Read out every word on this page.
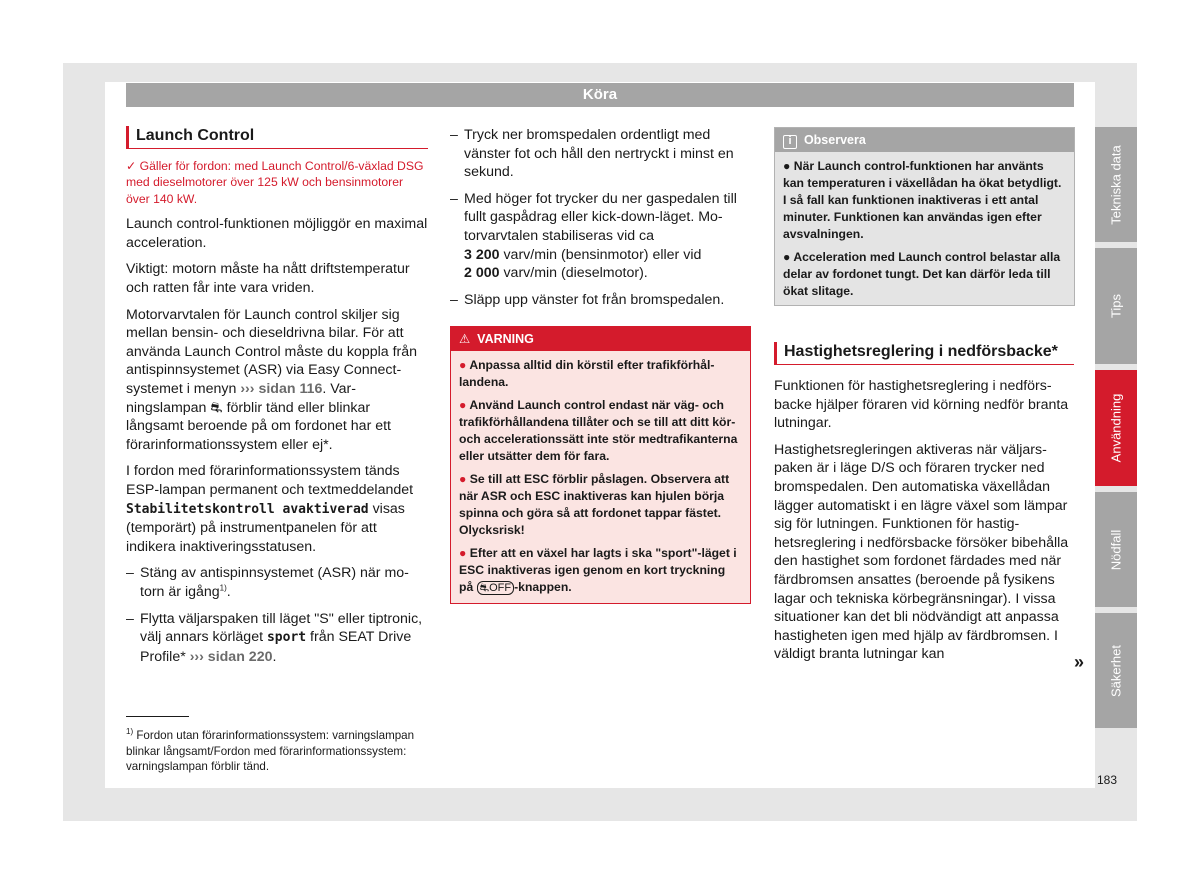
Köra
Launch Control
✓ Gäller för fordon: med Launch Control/6-växlad DSG med dieselmotorer över 125 kW och bensinmotorer över 140 kW.

Launch control-funktionen möjliggör en maximal acceleration.

Viktigt: motorn måste ha nått driftstemperatur och ratten får inte vara vriden.

Motorvarvtalen för Launch control skiljer sig mellan bensin- och dieseldrivna bilar. För att använda Launch Control måste du koppla från antispinnsystemet (ASR) via Easy Connect-systemet i menyn ››› sidan 116. Varningslampan ⛐ förblir tänd eller blinkar långsamt beroende på om fordonet har ett förarinformationssystem eller ej*.

I fordon med förarinformationssystem tänds ESP-lampan permanent och textmeddelandet Stabilitetskontroll avaktiverad visas (temporärt) på instrumentpanelen för att indikera inaktiveringsstatusen.

– Stäng av antispinnsystemet (ASR) när motorn är igång$^{1)}$.
– Flytta väljarspaken till läget "S" eller tiptronic, välj annars körläget sport från SEAT Drive Profile* ››› sidan 220.
$^{1)}$ Fordon utan förarinformationssystem: varningslampan blinkar långsamt/Fordon med förarinformationssystem: varningslampan förblir tänd.
– Tryck ner bromspedalen ordentligt med vänster fot och håll den nertryckt i minst en sekund.
– Med höger fot trycker du ner gaspedalen till fullt gaspådrag eller kick-down-läget. Motorvarvtalen stabiliseras vid ca
3 200 varv/min (bensinmotor) eller vid
2 000 varv/min (dieselmotor).
– Släpp upp vänster fot från bromspedalen.
⚠ VARNING
● Anpassa alltid din körstil efter trafikförhållandena.
● Använd Launch control endast när väg- och trafikförhållandena tillåter och se till att ditt kör- och accelerationssätt inte stör medtrafikanterna eller utsätter dem för fara.
● Se till att ESC förblir påslagen. Observera att när ASR och ESC inaktiveras kan hjulen börja spinna och göra så att fordonet tappar fästet. Olycksrisk!
● Efter att en växel har lagts i ska "sport"-läget i ESC inaktiveras igen genom en kort tryckning på ⛐OFF -knappen.
i Observera
● När Launch control-funktionen har använts kan temperaturen i växellådan ha ökat betydligt. I så fall kan funktionen inaktiveras i ett antal minuter. Funktionen kan användas igen efter avsvalningen.
● Acceleration med Launch control belastar alla delar av fordonet tungt. Det kan därför leda till ökat slitage.
Hastighetsreglering i nedförsbacke*

Funktionen för hastighetsreglering i nedförsbacke hjälper föraren vid körning nedför branta lutningar.

Hastighetsregleringen aktiveras när väljarspaken är i läge D/S och föraren trycker ned bromspedalen. Den automatiska växellådan lägger automatiskt i en lägre växel som lämpar sig för lutningen. Funktionen för hastighetsreglering i nedförsbacke försöker bibehålla den hastighet som fordonet färdades med när färdbromsen ansattes (beroende på fysikens lagar och tekniska körbegränsningar). I vissa situationer kan det bli nödvändigt att anpassa hastigheten igen med hjälp av färdbromsen. I väldigt branta lutningar kan	»
Tekniska data
Tips
Användning
Nödfall
Säkerhet
183
